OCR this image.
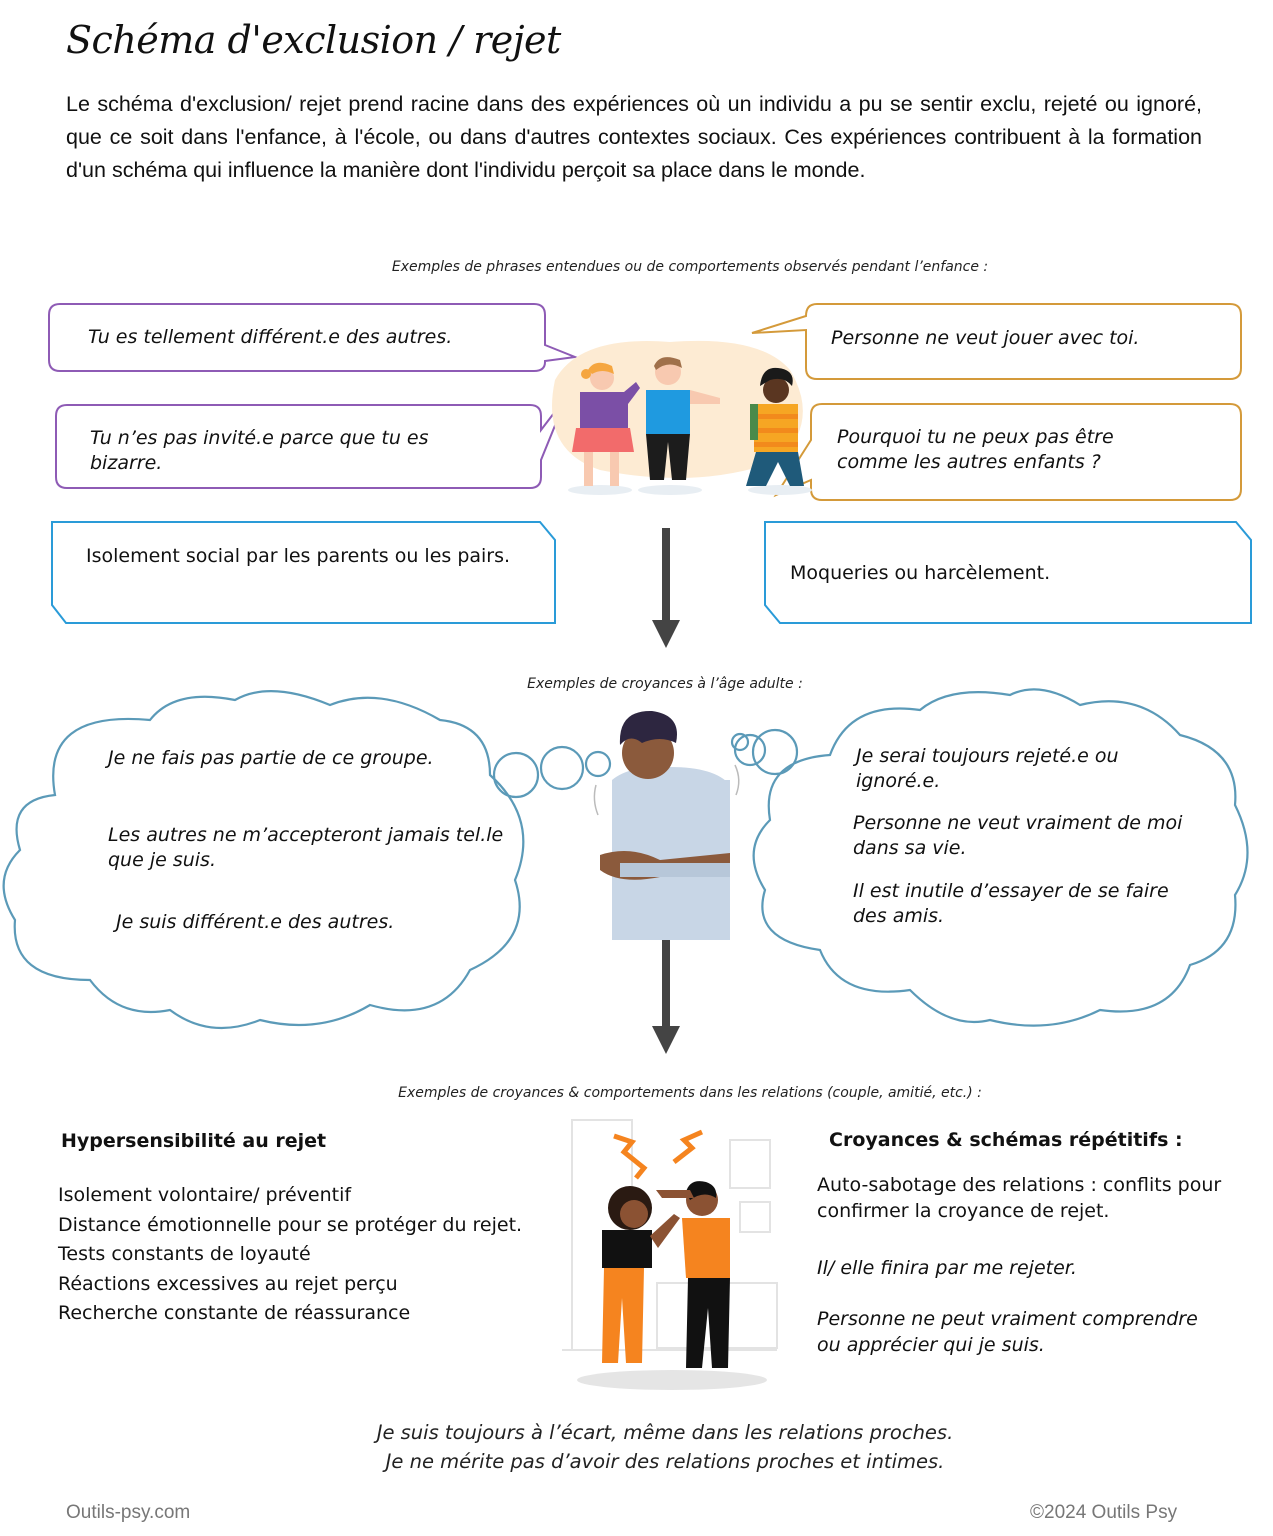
Schéma d'exclusion / rejet
Le schéma d'exclusion/ rejet prend racine dans des expériences où un individu a pu se sentir exclu, rejeté ou ignoré, que ce soit dans l'enfance, à l'école, ou dans d'autres contextes sociaux. Ces expériences contribuent à la formation d'un schéma qui influence la manière dont l'individu perçoit sa place dans le monde.
Exemples de phrases entendues ou de comportements observés pendant l’enfance :
Tu es tellement différent.e des autres.
Tu n’es pas invité.e parce que tu es bizarre.
Personne ne veut jouer avec toi.
Pourquoi tu ne peux pas être comme les autres enfants ?
Isolement social par les parents ou les pairs.
Moqueries ou harcèlement.
Exemples de croyances à l’âge adulte :
Je ne fais pas partie de ce groupe.
Les autres ne m’accepteront jamais tel.le que je suis.
Je suis différent.e des autres.
Je serai toujours rejeté.e ou ignoré.e.
Personne ne veut vraiment de moi dans sa vie.
Il est inutile d’essayer de se faire des amis.
Exemples de croyances & comportements dans les relations (couple, amitié, etc.) :
Hypersensibilité au rejet
Isolement volontaire/ préventif
Distance émotionnelle pour se protéger du rejet.
Tests constants de loyauté
Réactions excessives au rejet perçu
Recherche constante de réassurance
Croyances & schémas répétitifs :
Auto-sabotage des relations : conflits pour confirmer la croyance de rejet.
Il/ elle finira par me rejeter.
Personne ne peut vraiment comprendre ou apprécier qui je suis.
Je suis toujours à l’écart, même dans les relations proches.
Je ne mérite pas d’avoir des relations proches et intimes.
Outils-psy.com	©2024 Outils Psy
